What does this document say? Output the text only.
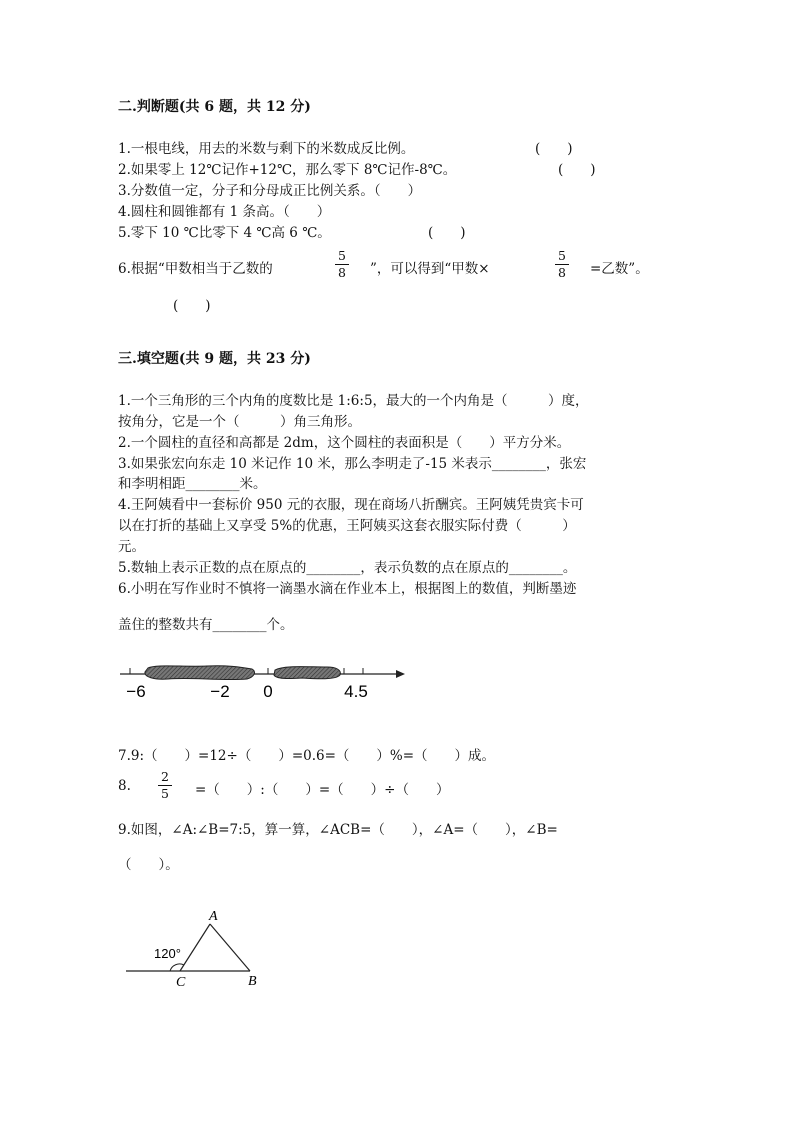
二.判断题(共 6 题，共 12 分)
1.一根电线，用去的米数与剩下的米数成反比例。	(　　)
2.如果零上 12℃记作+12℃，那么零下 8℃记作-8℃。	(　　)
3.分数值一定，分子和分母成正比例关系。（　　）
4.圆柱和圆锥都有 1 条高。（　　）
5.零下 10 ℃比零下 4 ℃高 6 ℃。	(　　)
6.根据“甲数相当于乙数的
5
8 ”，可以得到“甲数×
5
8 =乙数”。
(　　)
三.填空题(共 9 题，共 23 分)
1.一个三角形的三个内角的度数比是 1:6:5，最大的一个内角是（　　　）度，
按角分，它是一个（　　　）角三角形。
2.一个圆柱的直径和高都是 2dm，这个圆柱的表面积是（　　）平方分米。
3.如果张宏向东走 10 米记作 10 米，那么李明走了-15 米表示________，张宏
和李明相距________米。
4.王阿姨看中一套标价 950 元的衣服，现在商场八折酬宾。王阿姨凭贵宾卡可
以在打折的基础上又享受 5%的优惠，王阿姨买这套衣服实际付费（　　　）
元。
5.数轴上表示正数的点在原点的________，表示负数的点在原点的________。
6.小明在写作业时不慎将一滴墨水滴在作业本上，根据图上的数值，判断墨迹
盖住的整数共有________个。
−6	−2 0	4.5
7.9:（　　）=12÷（　　）=0.6=（　　）%=（　　）成。
8.
2
5 =（　　）:（　　）=（　　）÷（　　）
9.如图，∠A:∠B=7:5，算一算，∠ACB=（　　），∠A=（　　），∠B=
（　　）。
120°
A
B
C
